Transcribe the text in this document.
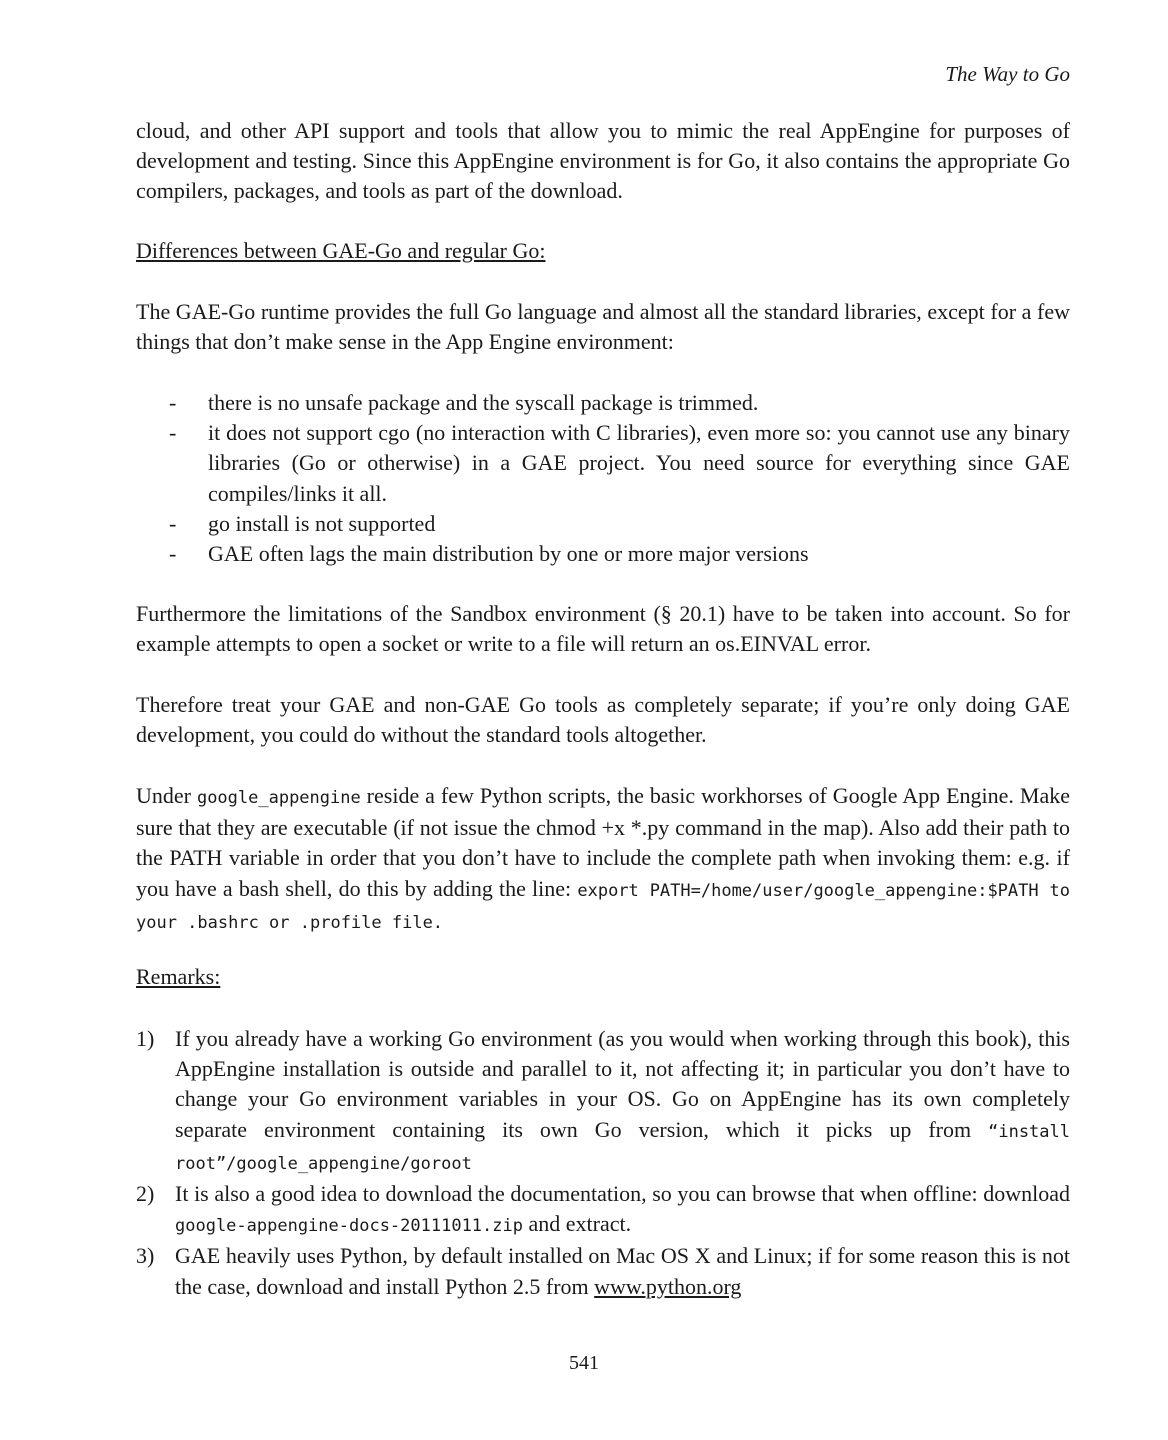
The Way to Go

cloud, and other API support and tools that allow you to mimic the real AppEngine for purposes of development and testing. Since this AppEngine environment is for Go, it also contains the appropriate Go compilers, packages, and tools as part of the download.

Differences between GAE-Go and regular Go:

The GAE-Go runtime provides the full Go language and almost all the standard libraries, except for a few things that don’t make sense in the App Engine environment:

- there is no unsafe package and the syscall package is trimmed.
- it does not support cgo (no interaction with C libraries), even more so: you cannot use any binary libraries (Go or otherwise) in a GAE project. You need source for everything since GAE compiles/links it all.
- go install is not supported
- GAE often lags the main distribution by one or more major versions

Furthermore the limitations of the Sandbox environment (§ 20.1) have to be taken into account. So for example attempts to open a socket or write to a file will return an os.EINVAL error.

Therefore treat your GAE and non-GAE Go tools as completely separate; if you’re only doing GAE development, you could do without the standard tools altogether.

Under google_appengine reside a few Python scripts, the basic workhorses of Google App Engine. Make sure that they are executable (if not issue the chmod +x *.py command in the map). Also add their path to the PATH variable in order that you don’t have to include the complete path when invoking them: e.g. if you have a bash shell, do this by adding the line: export PATH=/home/user/google_appengine:$PATH to your .bashrc or .profile file.

Remarks:

1) If you already have a working Go environment (as you would when working through this book), this AppEngine installation is outside and parallel to it, not affecting it; in particular you don’t have to change your Go environment variables in your OS. Go on AppEngine has its own completely separate environment containing its own Go version, which it picks up from “install root”/google_appengine/goroot
2) It is also a good idea to download the documentation, so you can browse that when offline: download google-appengine-docs-20111011.zip and extract.
3) GAE heavily uses Python, by default installed on Mac OS X and Linux; if for some reason this is not the case, download and install Python 2.5 from www.python.org
541
